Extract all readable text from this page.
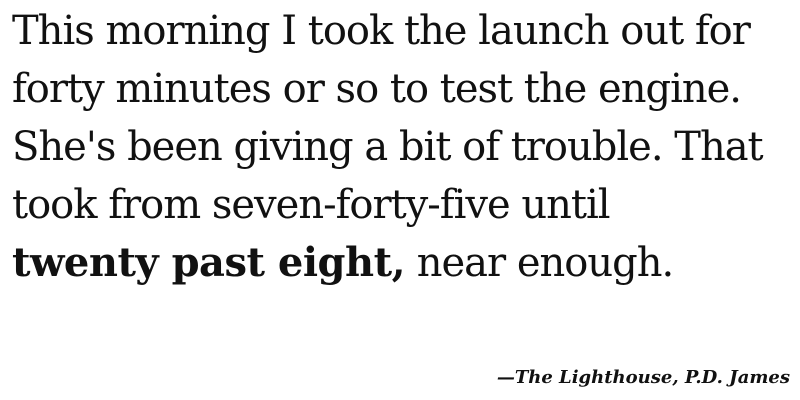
This morning I took the launch out for
forty minutes or so to test the engine.
She's been giving a bit of trouble. That
took from seven-forty-five until
twenty past eight, near enough.
—The Lighthouse, P.D. James
